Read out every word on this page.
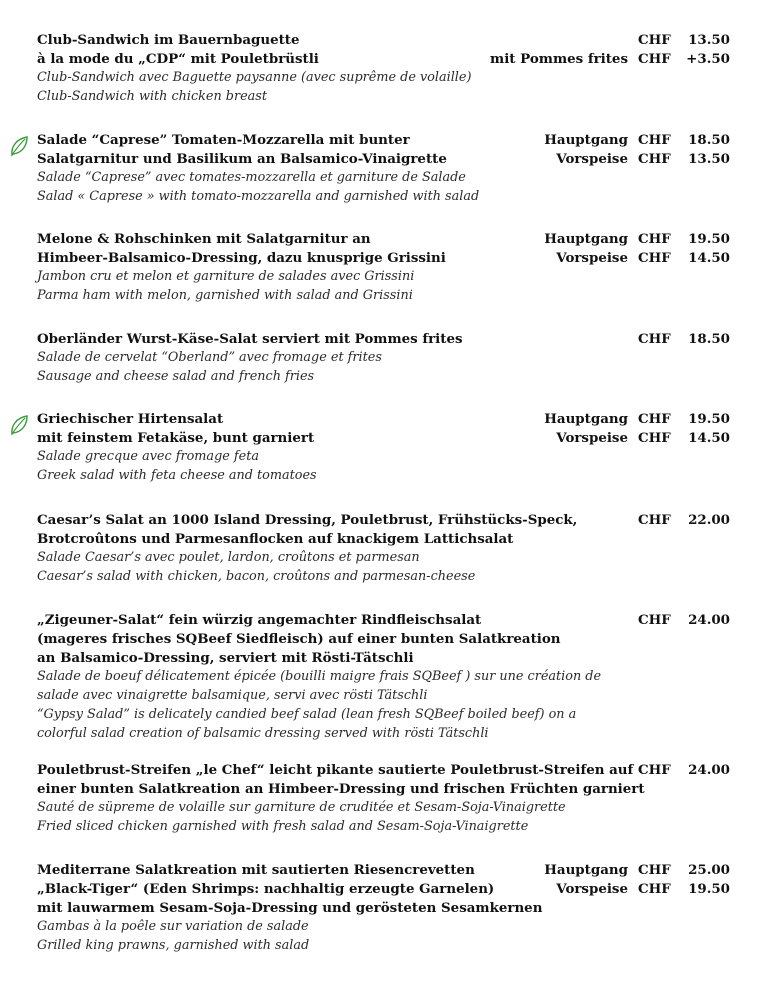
Club-Sandwich im Bauernbaguette
à la mode du „CDP“ mit Pouletbrüstli
Club-Sandwich avec Baguette paysanne (avec suprême de volaille)
Club-Sandwich with chicken breast
CHF 13.50
mit Pommes frites CHF +3.50
Salade “Caprese” Tomaten-Mozzarella mit bunter
Salatgarnitur und Basilikum an Balsamico-Vinaigrette
Salade “Caprese” avec tomates-mozzarella et garniture de Salade
Salad « Caprese » with tomato-mozzarella and garnished with salad
Hauptgang CHF 18.50
Vorspeise CHF 13.50
Melone & Rohschinken mit Salatgarnitur an
Himbeer-Balsamico-Dressing, dazu knusprige Grissini
Jambon cru et melon et garniture de salades avec Grissini
Parma ham with melon, garnished with salad and Grissini
Hauptgang CHF 19.50
Vorspeise CHF 14.50
Oberländer Wurst-Käse-Salat serviert mit Pommes frites
Salade de cervelat “Oberland” avec fromage et frites
Sausage and cheese salad and french fries
CHF 18.50
Griechischer Hirtensalat
mit feinstem Fetakäse, bunt garniert
Salade grecque avec fromage feta
Greek salad with feta cheese and tomatoes
Hauptgang CHF 19.50
Vorspeise CHF 14.50
Caesar’s Salat an 1000 Island Dressing, Pouletbrust, Frühstücks-Speck,
Brotcroûtons und Parmesanflocken auf knackigem Lattichsalat
Salade Caesar’s avec poulet, lardon, croûtons et parmesan
Caesar’s salad with chicken, bacon, croûtons and parmesan-cheese
CHF 22.00
„Zigeuner-Salat“ fein würzig angemachter Rindfleischsalat
(mageres frisches SQBeef Siedfleisch) auf einer bunten Salatkreation
an Balsamico-Dressing, serviert mit Rösti-Tätschli
Salade de boeuf délicatement épicée (bouilli maigre frais SQBeef ) sur une création de
salade avec vinaigrette balsamique, servi avec rösti Tätschli
“Gypsy Salad” is delicately candied beef salad (lean fresh SQBeef boiled beef) on a
colorful salad creation of balsamic dressing served with rösti Tätschli
CHF 24.00
Pouletbrust-Streifen „le Chef“ leicht pikante sautierte Pouletbrust-Streifen auf
einer bunten Salatkreation an Himbeer-Dressing und frischen Früchten garniert
Sauté de süpreme de volaille sur garniture de cruditée et Sesam-Soja-Vinaigrette
Fried sliced chicken garnished with fresh salad and Sesam-Soja-Vinaigrette
CHF 24.00
Mediterrane Salatkreation mit sautierten Riesencrevetten
„Black-Tiger“ (Eden Shrimps: nachhaltig erzeugte Garnelen)
mit lauwarmem Sesam-Soja-Dressing und gerösteten Sesamkernen
Gambas à la poêle sur variation de salade
Grilled king prawns, garnished with salad
Hauptgang CHF 25.00
Vorspeise CHF 19.50
